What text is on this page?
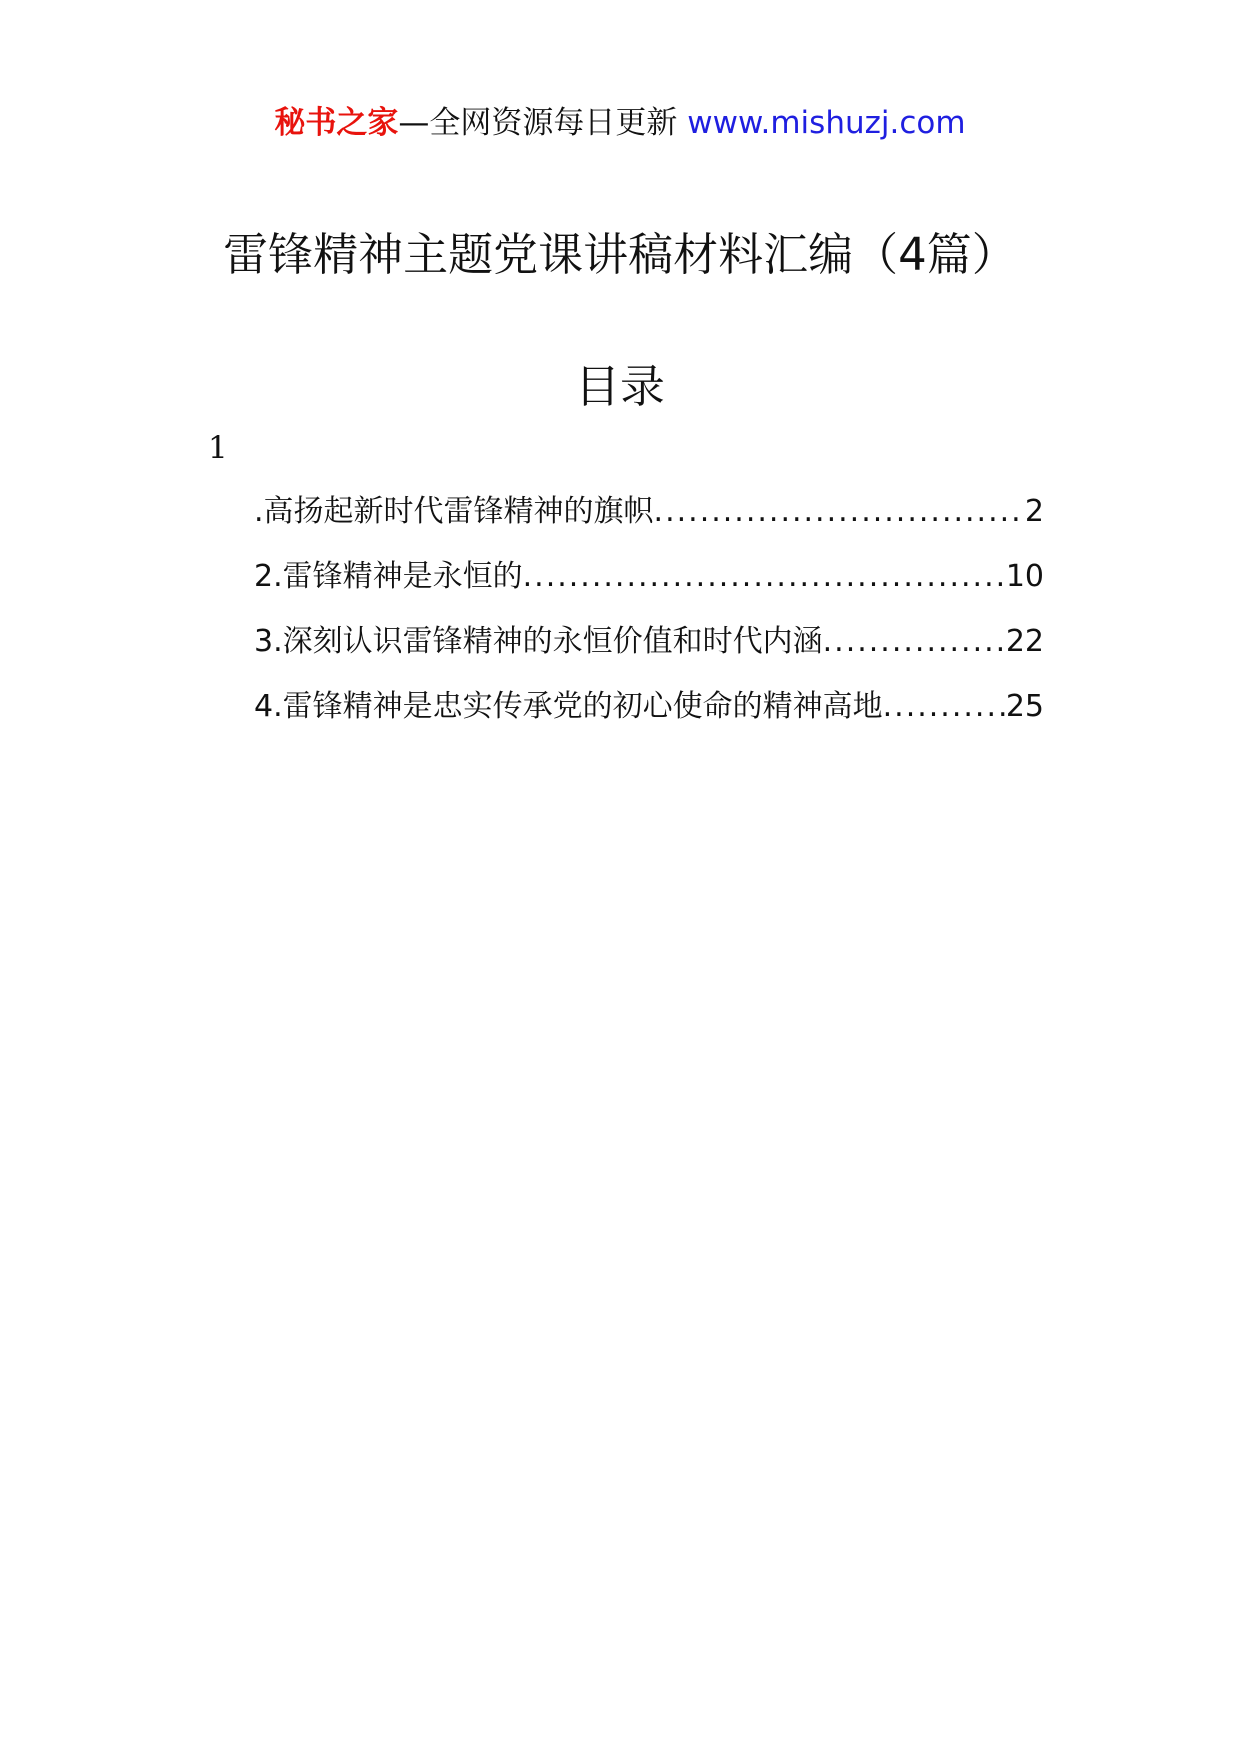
秘书之家—全网资源每日更新 www.mishuzj.com
雷锋精神主题党课讲稿材料汇编（4篇）
目录
1
.高扬起新时代雷锋精神的旗帜 .....	2
2.雷锋精神是永恒的 .....	10
3.深刻认识雷锋精神的永恒价值和时代内涵 .....	22
4.雷锋精神是忠实传承党的初心使命的精神高地 .....	25
